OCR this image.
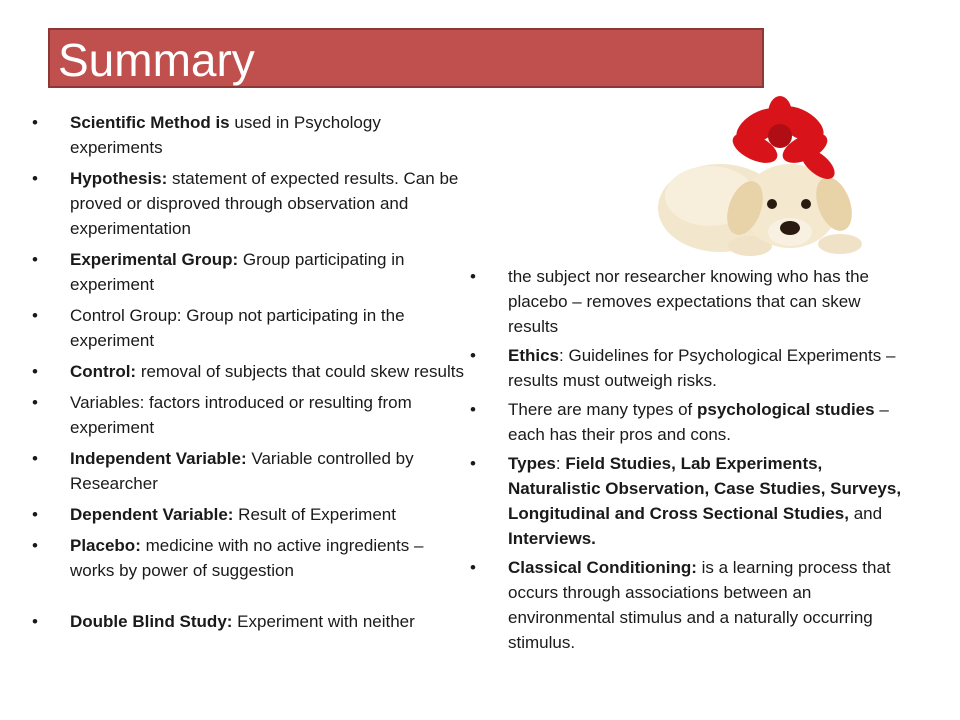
Summary
• Scientific Method is used in Psychology experiments
• Hypothesis: statement of expected results. Can be proved or disproved through observation and experimentation
• Experimental Group: Group participating in experiment
• Control Group: Group not participating in the experiment
• Control: removal of subjects that could skew results
• Variables: factors introduced or resulting from experiment
• Independent Variable: Variable controlled by Researcher
• Dependent Variable: Result of Experiment
• Placebo: medicine with no active ingredients – works by power of suggestion
• Double Blind Study: Experiment with neither
• the subject nor researcher knowing who has the placebo – removes expectations that can skew results
• Ethics: Guidelines for Psychological Experiments – results must outweigh risks.
• There are many types of psychological studies – each has their pros and cons.
• Types: Field Studies, Lab Experiments, Naturalistic Observation, Case Studies, Surveys, Longitudinal and Cross Sectional Studies, and Interviews.
• Classical Conditioning: is a learning process that occurs through associations between an environmental stimulus and a naturally occurring stimulus.
